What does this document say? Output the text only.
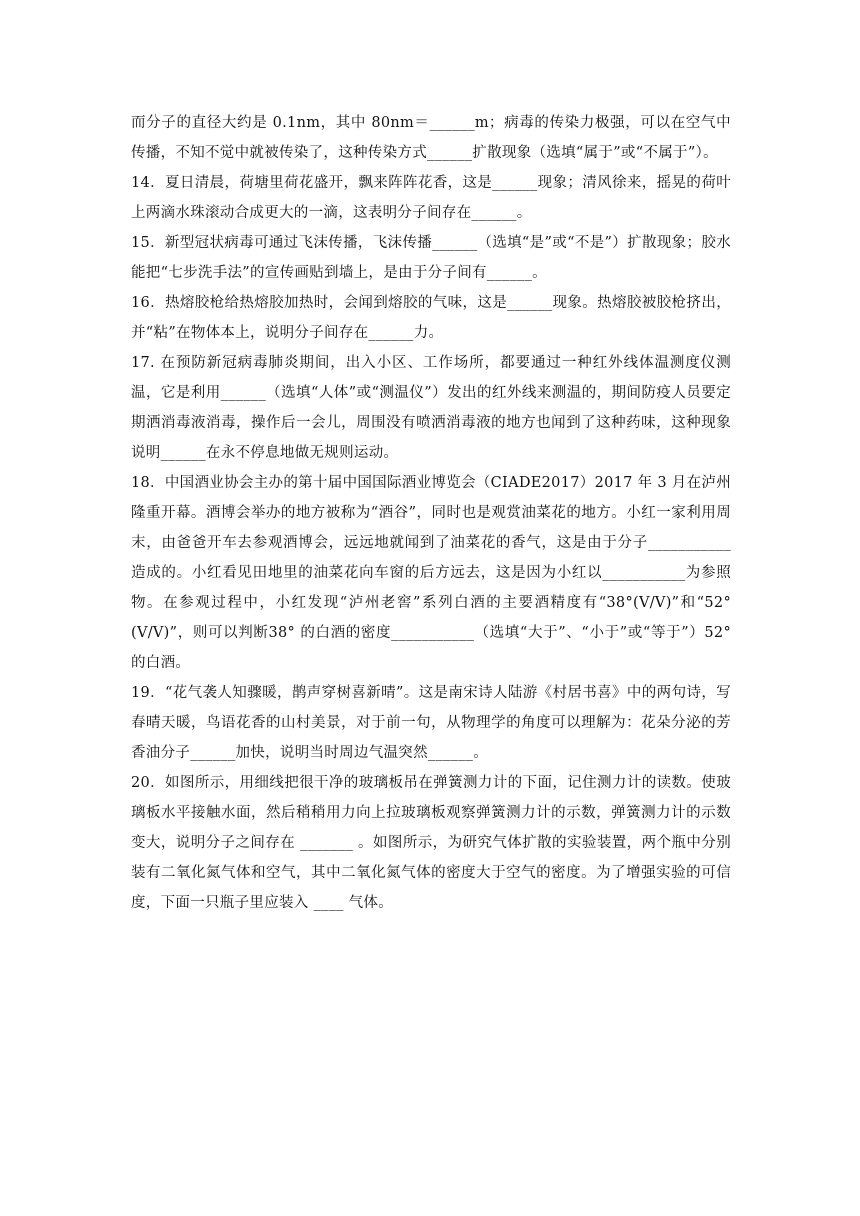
而分子的直径大约是 0.1nm，其中 80nm＝______m；病毒的传染力极强，可以在空气中传播，不知不觉中就被传染了，这种传染方式______扩散现象（选填“属于”或“不属于”）。

14．夏日清晨，荷塘里荷花盛开，飘来阵阵花香，这是______现象；清风徐来，摇晃的荷叶上两滴水珠滚动合成更大的一滴，这表明分子间存在______。

15．新型冠状病毒可通过飞沫传播，飞沫传播______（选填“是”或“不是”）扩散现象；胶水能把“七步洗手法”的宣传画贴到墙上，是由于分子间有______。

16．热熔胶枪给热熔胶加热时，会闻到熔胶的气味，这是______现象。热熔胶被胶枪挤出，并“粘”在物体本上，说明分子间存在______力。

17. 在预防新冠病毒肺炎期间，出入小区、工作场所，都要通过一种红外线体温测度仪测温，它是利用______（选填“人体”或“测温仪”）发出的红外线来测温的，期间防疫人员要定期洒消毒液消毒，操作后一会儿，周围没有喷洒消毒液的地方也闻到了这种药味，这种现象说明______在永不停息地做无规则运动。

18．中国酒业协会主办的第十届中国国际酒业博览会（CIADE2017）2017 年 3 月在泸州隆重开幕。酒博会举办的地方被称为“酒谷”，同时也是观赏油菜花的地方。小红一家利用周末，由爸爸开车去参观酒博会，远远地就闻到了油菜花的香气，这是由于分子___________造成的。小红看见田地里的油菜花向车窗的后方远去，这是因为小红以___________为参照物。在参观过程中，小红发现“泸州老窖”系列白酒的主要酒精度有“38°(V/V)”和“52°(V/V)”，则可以判断38° 的白酒的密度___________（选填“大于”、“小于”或“等于”）52° 的白酒。

19．“花气袭人知骤暖，鹊声穿树喜新晴”。这是南宋诗人陆游《村居书喜》中的两句诗，写春晴天暖，鸟语花香的山村美景，对于前一句，从物理学的角度可以理解为：花朵分泌的芳香油分子______加快，说明当时周边气温突然______。

20．如图所示，用细线把很干净的玻璃板吊在弹簧测力计的下面，记住测力计的读数。使玻璃板水平接触水面，然后稍稍用力向上拉玻璃板观察弹簧测力计的示数，弹簧测力计的示数变大，说明分子之间存在 _______ 。如图所示，为研究气体扩散的实验装置，两个瓶中分别装有二氧化氮气体和空气，其中二氧化氮气体的密度大于空气的密度。为了增强实验的可信度，下面一只瓶子里应装入 ____ 气体。
